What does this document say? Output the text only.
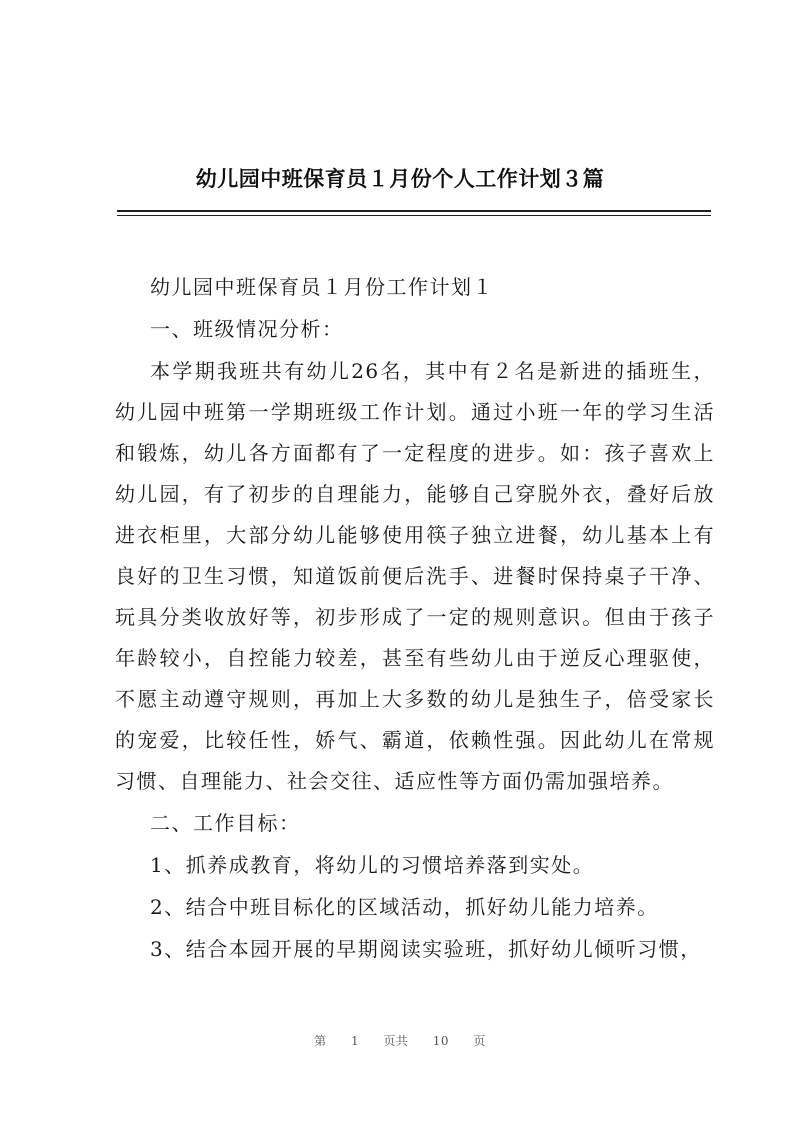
幼儿园中班保育员１月份个人工作计划３篇

幼儿园中班保育员１月份工作计划１

一、班级情况分析：

本学期我班共有幼儿26名，其中有２名是新进的插班生，幼儿园中班第一学期班级工作计划。通过小班一年的学习生活和锻炼，幼儿各方面都有了一定程度的进步。如：孩子喜欢上幼儿园，有了初步的自理能力，能够自己穿脱外衣，叠好后放进衣柜里，大部分幼儿能够使用筷子独立进餐，幼儿基本上有良好的卫生习惯，知道饭前便后洗手、进餐时保持桌子干净、玩具分类收放好等，初步形成了一定的规则意识。但由于孩子年龄较小，自控能力较差，甚至有些幼儿由于逆反心理驱使，不愿主动遵守规则，再加上大多数的幼儿是独生子，倍受家长的宠爱，比较任性，娇气、霸道，依赖性强。因此幼儿在常规习惯、自理能力、社会交往、适应性等方面仍需加强培养。

二、工作目标：

1、抓养成教育，将幼儿的习惯培养落到实处。

2、结合中班目标化的区域活动，抓好幼儿能力培养。

3、结合本园开展的早期阅读实验班，抓好幼儿倾听习惯，

第 1 页共 10 页
